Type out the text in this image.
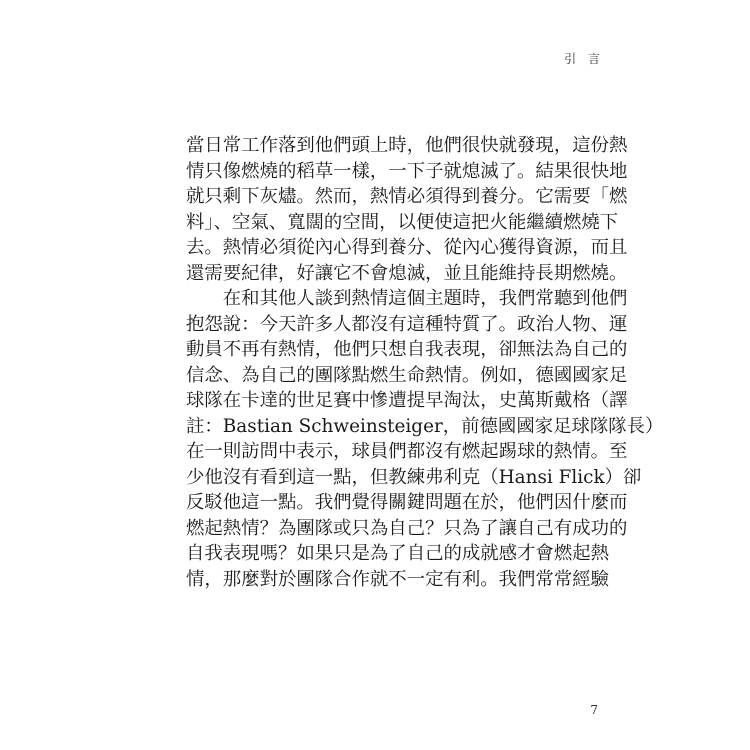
引 言
當日常工作落到他們頭上時，他們很快就發現，這份熱
情只像燃燒的稻草一樣，一下子就熄滅了。結果很快地
就只剩下灰燼。然而，熱情必須得到養分。它需要「燃
料」、空氣、寬闊的空間，以便使這把火能繼續燃燒下
去。熱情必須從內心得到養分、從內心獲得資源，而且
還需要紀律，好讓它不會熄滅，並且能維持長期燃燒。
　　在和其他人談到熱情這個主題時，我們常聽到他們
抱怨說：今天許多人都沒有這種特質了。政治人物、運
動員不再有熱情，他們只想自我表現，卻無法為自己的
信念、為自己的團隊點燃生命熱情。例如，德國國家足
球隊在卡達的世足賽中慘遭提早淘汰，史萬斯戴格（譯
註：Bastian Schweinsteiger，前德國國家足球隊隊長）
在一則訪問中表示，球員們都沒有燃起踢球的熱情。至
少他沒有看到這一點，但教練弗利克（Hansi Flick）卻
反駁他這一點。我們覺得關鍵問題在於，他們因什麼而
燃起熱情？為團隊或只為自己？只為了讓自己有成功的
自我表現嗎？如果只是為了自己的成就感才會燃起熱
情，那麼對於團隊合作就不一定有利。我們常常經驗
7
